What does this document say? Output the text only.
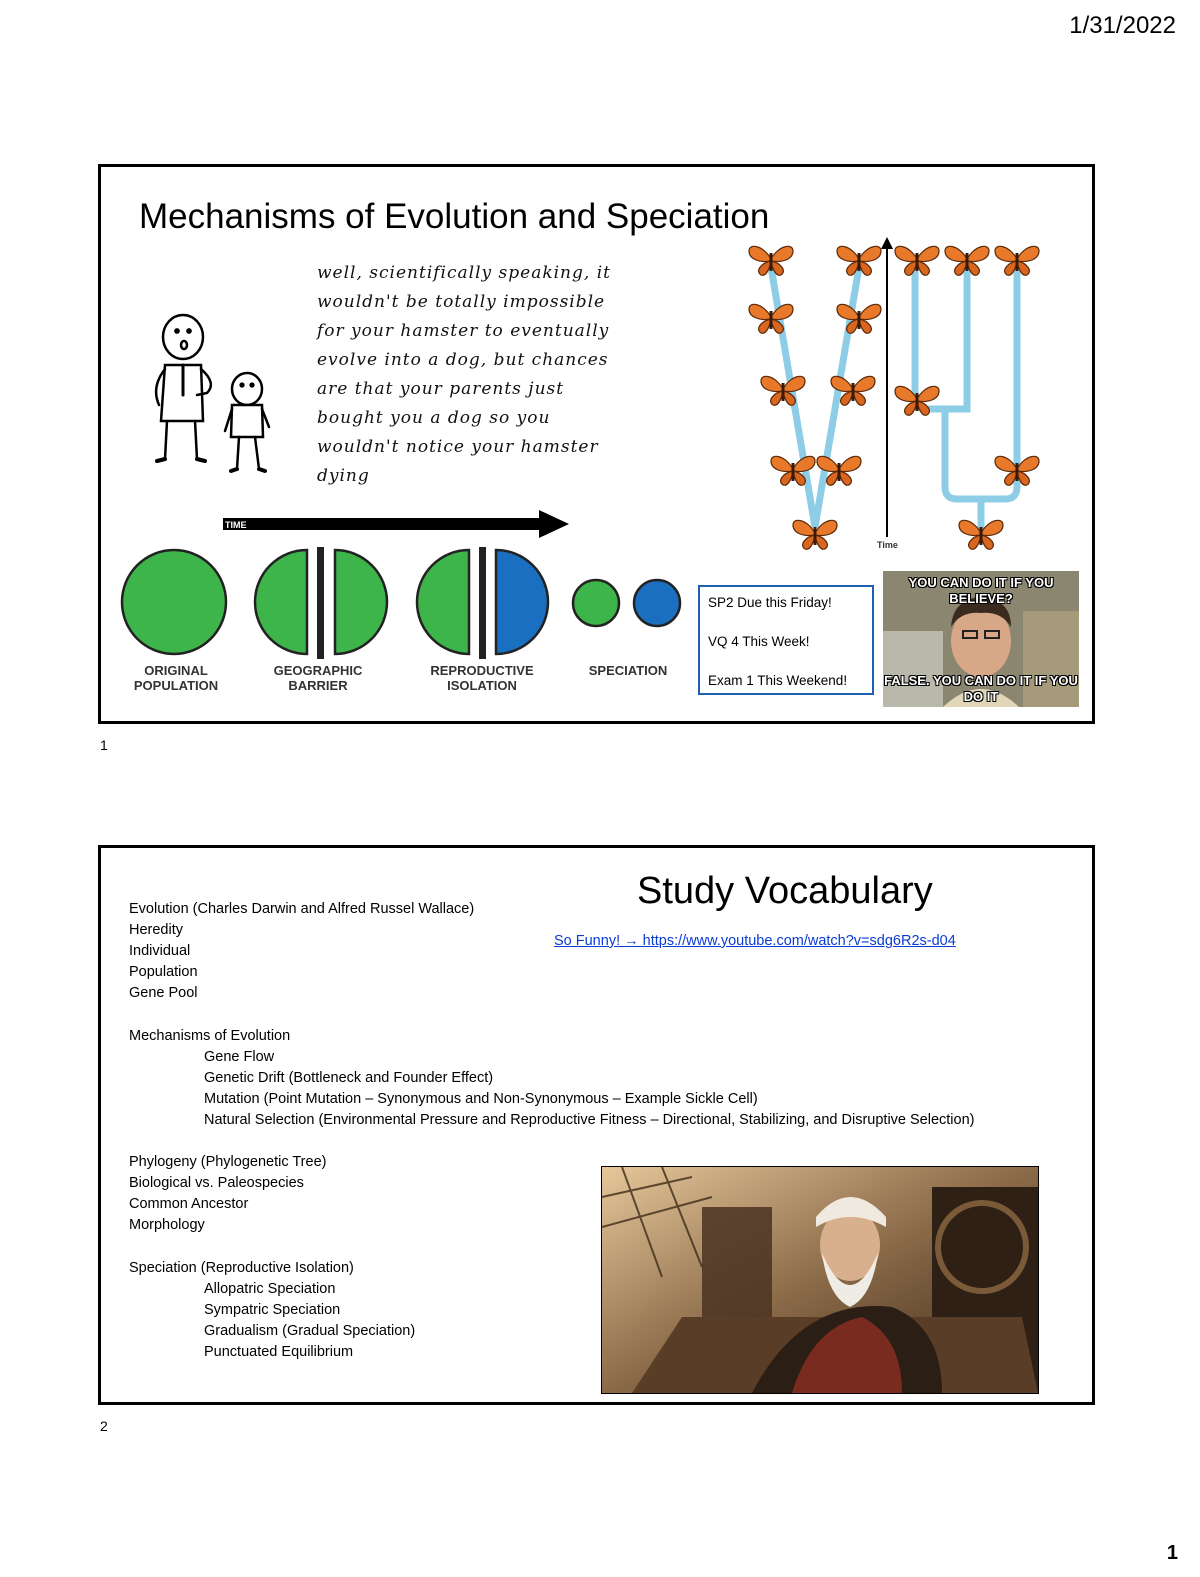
1/31/2022
Mechanisms of Evolution and Speciation
well, scientifically speaking, it wouldn't be totally impossible for your hamster to eventually evolve into a dog, but chances are that your parents just bought you a dog so you wouldn't notice your hamster dying
TIME
ORIGINAL POPULATION
GEOGRAPHIC BARRIER
REPRODUCTIVE ISOLATION
SPECIATION
Time
SP2 Due this Friday!
VQ 4 This Week!
Exam 1 This Weekend!
YOU CAN DO IT IF YOU BELIEVE?
FALSE. YOU CAN DO IT IF YOU DO IT
1
Study Vocabulary
So Funny! → https://www.youtube.com/watch?v=sdg6R2s-d04
Evolution (Charles Darwin and Alfred Russel Wallace)
Heredity
Individual
Population
Gene Pool
Mechanisms of Evolution
Gene Flow
Genetic Drift (Bottleneck and Founder Effect)
Mutation (Point Mutation – Synonymous and Non-Synonymous – Example Sickle Cell)
Natural Selection (Environmental Pressure and Reproductive Fitness – Directional, Stabilizing, and Disruptive Selection)
Phylogeny (Phylogenetic Tree)
Biological vs. Paleospecies
Common Ancestor
Morphology
Speciation (Reproductive Isolation)
Allopatric Speciation
Sympatric Speciation
Gradualism (Gradual Speciation)
Punctuated Equilibrium
2
1
